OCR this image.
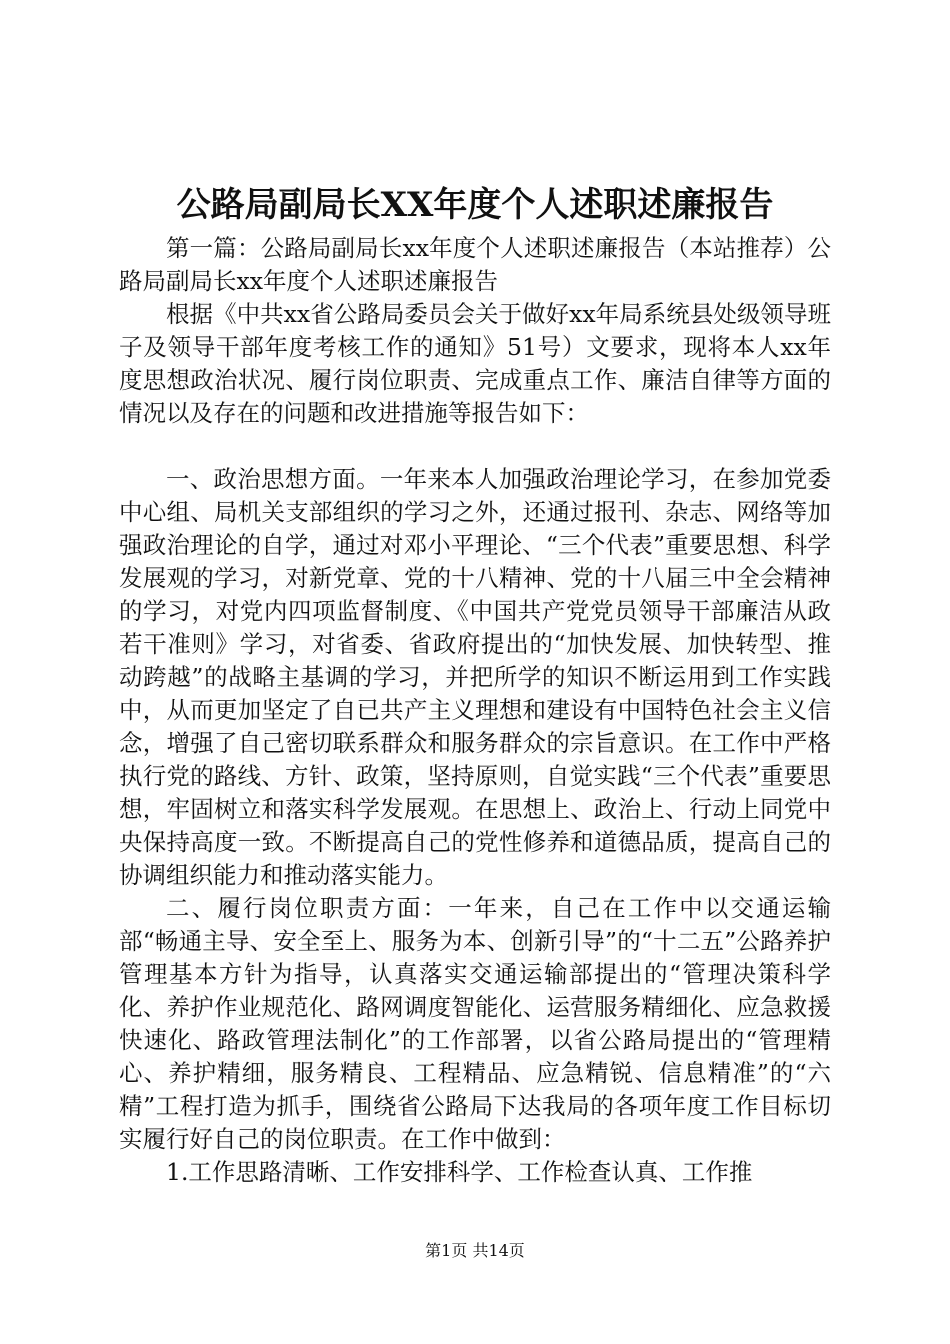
公路局副局长XX年度个人述职述廉报告

第一篇：公路局副局长xx年度个人述职述廉报告（本站推荐）公路局副局长xx年度个人述职述廉报告

根据《中共xx省公路局委员会关于做好xx年局系统县处级领导班子及领导干部年度考核工作的通知》51号）文要求，现将本人xx年度思想政治状况、履行岗位职责、完成重点工作、廉洁自律等方面的情况以及存在的问题和改进措施等报告如下：

一、政治思想方面。一年来本人加强政治理论学习，在参加党委中心组、局机关支部组织的学习之外，还通过报刊、杂志、网络等加强政治理论的自学，通过对邓小平理论、“三个代表”重要思想、科学发展观的学习，对新党章、党的十八精神、党的十八届三中全会精神的学习，对党内四项监督制度、《中国共产党党员领导干部廉洁从政若干准则》学习，对省委、省政府提出的“加快发展、加快转型、推动跨越”的战略主基调的学习，并把所学的知识不断运用到工作实践中，从而更加坚定了自已共产主义理想和建设有中国特色社会主义信念，增强了自己密切联系群众和服务群众的宗旨意识。在工作中严格执行党的路线、方针、政策，坚持原则，自觉实践“三个代表”重要思想，牢固树立和落实科学发展观。在思想上、政治上、行动上同党中央保持高度一致。不断提高自己的党性修养和道德品质，提高自己的协调组织能力和推动落实能力。

二、履行岗位职责方面：一年来，自己在工作中以交通运输部“畅通主导、安全至上、服务为本、创新引导”的“十二五”公路养护管理基本方针为指导，认真落实交通运输部提出的“管理决策科学化、养护作业规范化、路网调度智能化、运营服务精细化、应急救援快速化、路政管理法制化”的工作部署，以省公路局提出的“管理精心、养护精细，服务精良、工程精品、应急精锐、信息精准”的“六精”工程打造为抓手，围绕省公路局下达我局的各项年度工作目标切实履行好自己的岗位职责。在工作中做到：

1.工作思路清晰、工作安排科学、工作检查认真、工作推

第1页 共14页
